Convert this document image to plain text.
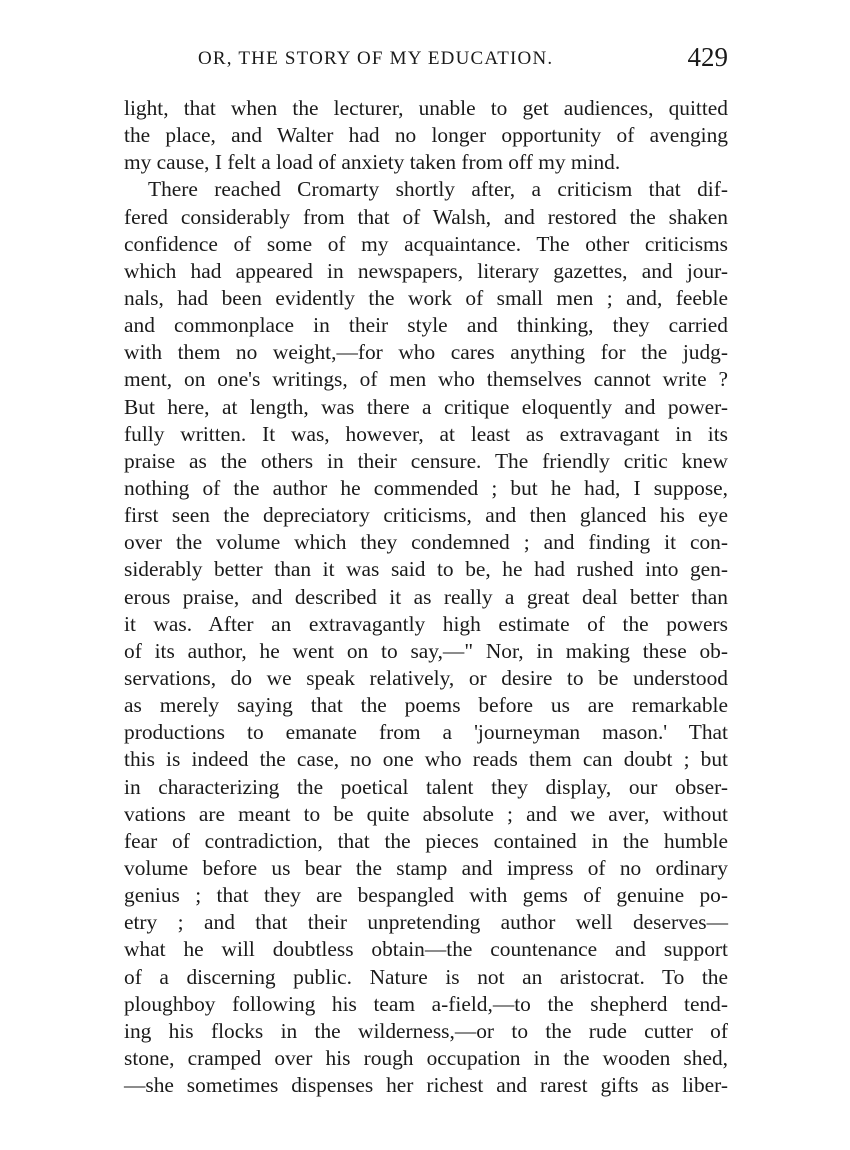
OR, THE STORY OF MY EDUCATION.	429
light, that when the lecturer, unable to get audiences, quitted
the place, and Walter had no longer opportunity of avenging
my cause, I felt a load of anxiety taken from off my mind.
There reached Cromarty shortly after, a criticism that dif-
fered considerably from that of Walsh, and restored the shaken
confidence of some of my acquaintance. The other criticisms
which had appeared in newspapers, literary gazettes, and jour-
nals, had been evidently the work of small men ; and, feeble
and commonplace in their style and thinking, they carried
with them no weight,—for who cares anything for the judg-
ment, on one's writings, of men who themselves cannot write ?
But here, at length, was there a critique eloquently and power-
fully written. It was, however, at least as extravagant in its
praise as the others in their censure. The friendly critic knew
nothing of the author he commended ; but he had, I suppose,
first seen the depreciatory criticisms, and then glanced his eye
over the volume which they condemned ; and finding it con-
siderably better than it was said to be, he had rushed into gen-
erous praise, and described it as really a great deal better than
it was. After an extravagantly high estimate of the powers
of its author, he went on to say,—" Nor, in making these ob-
servations, do we speak relatively, or desire to be understood
as merely saying that the poems before us are remarkable
productions to emanate from a 'journeyman mason.' That
this is indeed the case, no one who reads them can doubt ; but
in characterizing the poetical talent they display, our obser-
vations are meant to be quite absolute ; and we aver, without
fear of contradiction, that the pieces contained in the humble
volume before us bear the stamp and impress of no ordinary
genius ; that they are bespangled with gems of genuine po-
etry ; and that their unpretending author well deserves—
what he will doubtless obtain—the countenance and support
of a discerning public. Nature is not an aristocrat. To the
ploughboy following his team a-field,—to the shepherd tend-
ing his flocks in the wilderness,—or to the rude cutter of
stone, cramped over his rough occupation in the wooden shed,
—she sometimes dispenses her richest and rarest gifts as liber-
